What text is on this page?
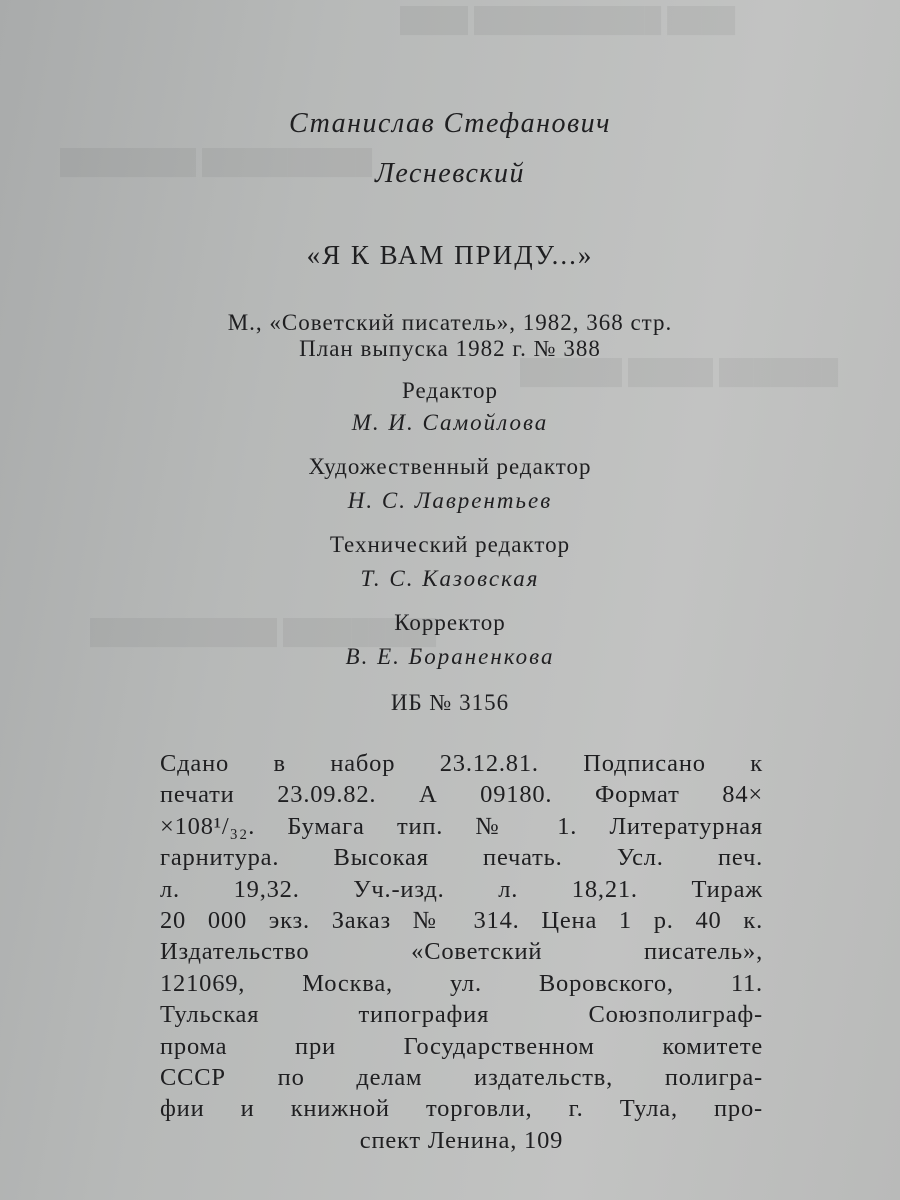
████ ███████████ ████
██████████ ████████
███████ █████ ██████
█████████ ███████████
Станислав Стефанович
Лесневский
«Я К ВАМ ПРИДУ...»
М., «Советский писатель», 1982, 368 стр.
План выпуска 1982 г. № 388
Редактор
М. И. Самойлова
Художественный редактор
Н. С. Лаврентьев
Технический редактор
Т. С. Казовская
Корректор
В. Е. Бораненкова
ИБ № 3156
Сдано в набор 23.12.81. Подписано к
печати 23.09.82. А 09180. Формат 84×
×108¹/₃₂. Бумага тип. № 1. Литературная
гарнитура. Высокая печать. Усл. печ.
л. 19,32. Уч.-изд. л. 18,21. Тираж
20 000 экз. Заказ № 314. Цена 1 р. 40 к.
Издательство «Советский писатель»,
121069, Москва, ул. Воровского, 11.
Тульская типография Союзполиграф-
прома при Государственном комитете
СССР по делам издательств, полигра-
фии и книжной торговли, г. Тула, про-
спект Ленина, 109
